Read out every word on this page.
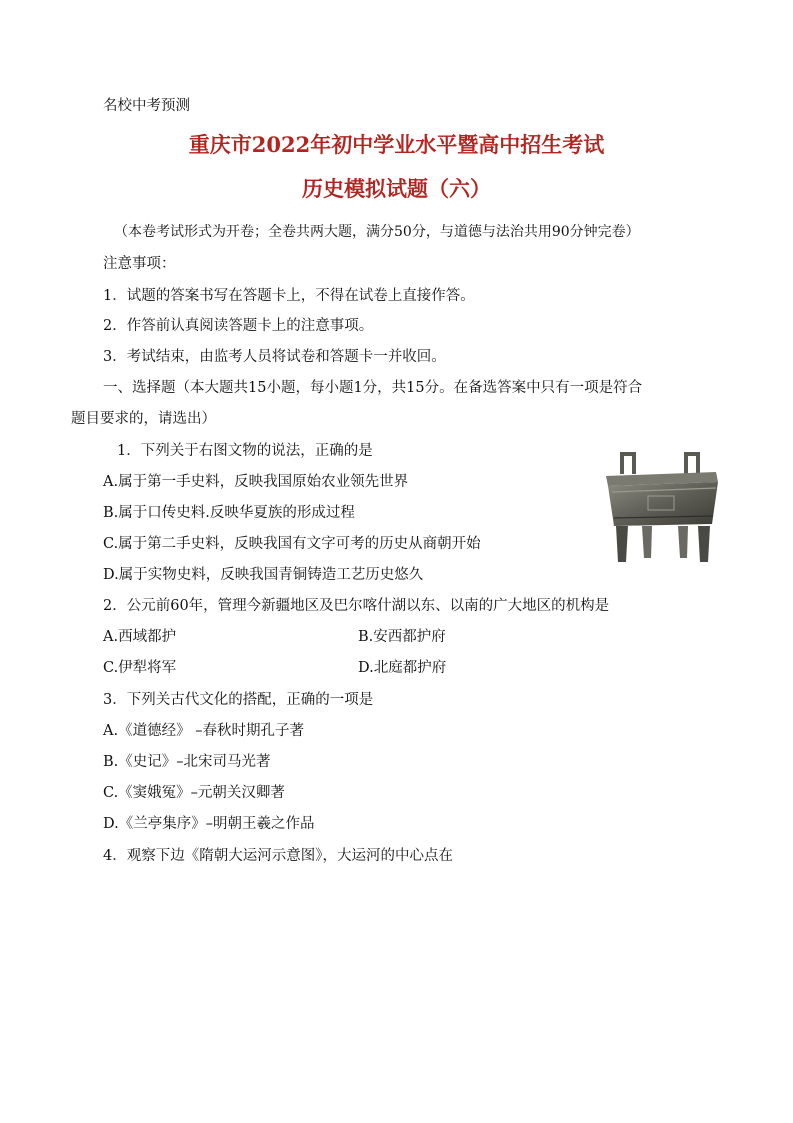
名校中考预测
重庆市2022年初中学业水平暨高中招生考试
历史模拟试题（六）
（本卷考试形式为开卷；全卷共两大题，满分50分，与道德与法治共用90分钟完卷）
注意事项：
1．试题的答案书写在答题卡上，不得在试卷上直接作答。
2．作答前认真阅读答题卡上的注意事项。
3．考试结束，由监考人员将试卷和答题卡一并收回。
一、选择题（本大题共15小题，每小题1分，共15分。在备选答案中只有一项是符合
题目要求的，请选出）
1．下列关于右图文物的说法，正确的是
A.属于第一手史料，反映我国原始农业领先世界
B.属于口传史料.反映华夏族的形成过程
C.属于第二手史料，反映我国有文字可考的历史从商朝开始
D.属于实物史料，反映我国青铜铸造工艺历史悠久
2．公元前60年，管理今新疆地区及巴尔喀什湖以东、以南的广大地区的机构是
A.西域都护	B.安西都护府
C.伊犁将军	D.北庭都护府
3．下列关古代文化的搭配，正确的一项是
A.《道德经》 –春秋时期孔子著
B.《史记》–北宋司马光著
C.《窦娥冤》–元朝关汉卿著
D.《兰亭集序》–明朝王羲之作品
4．观察下边《隋朝大运河示意图》，大运河的中心点在
